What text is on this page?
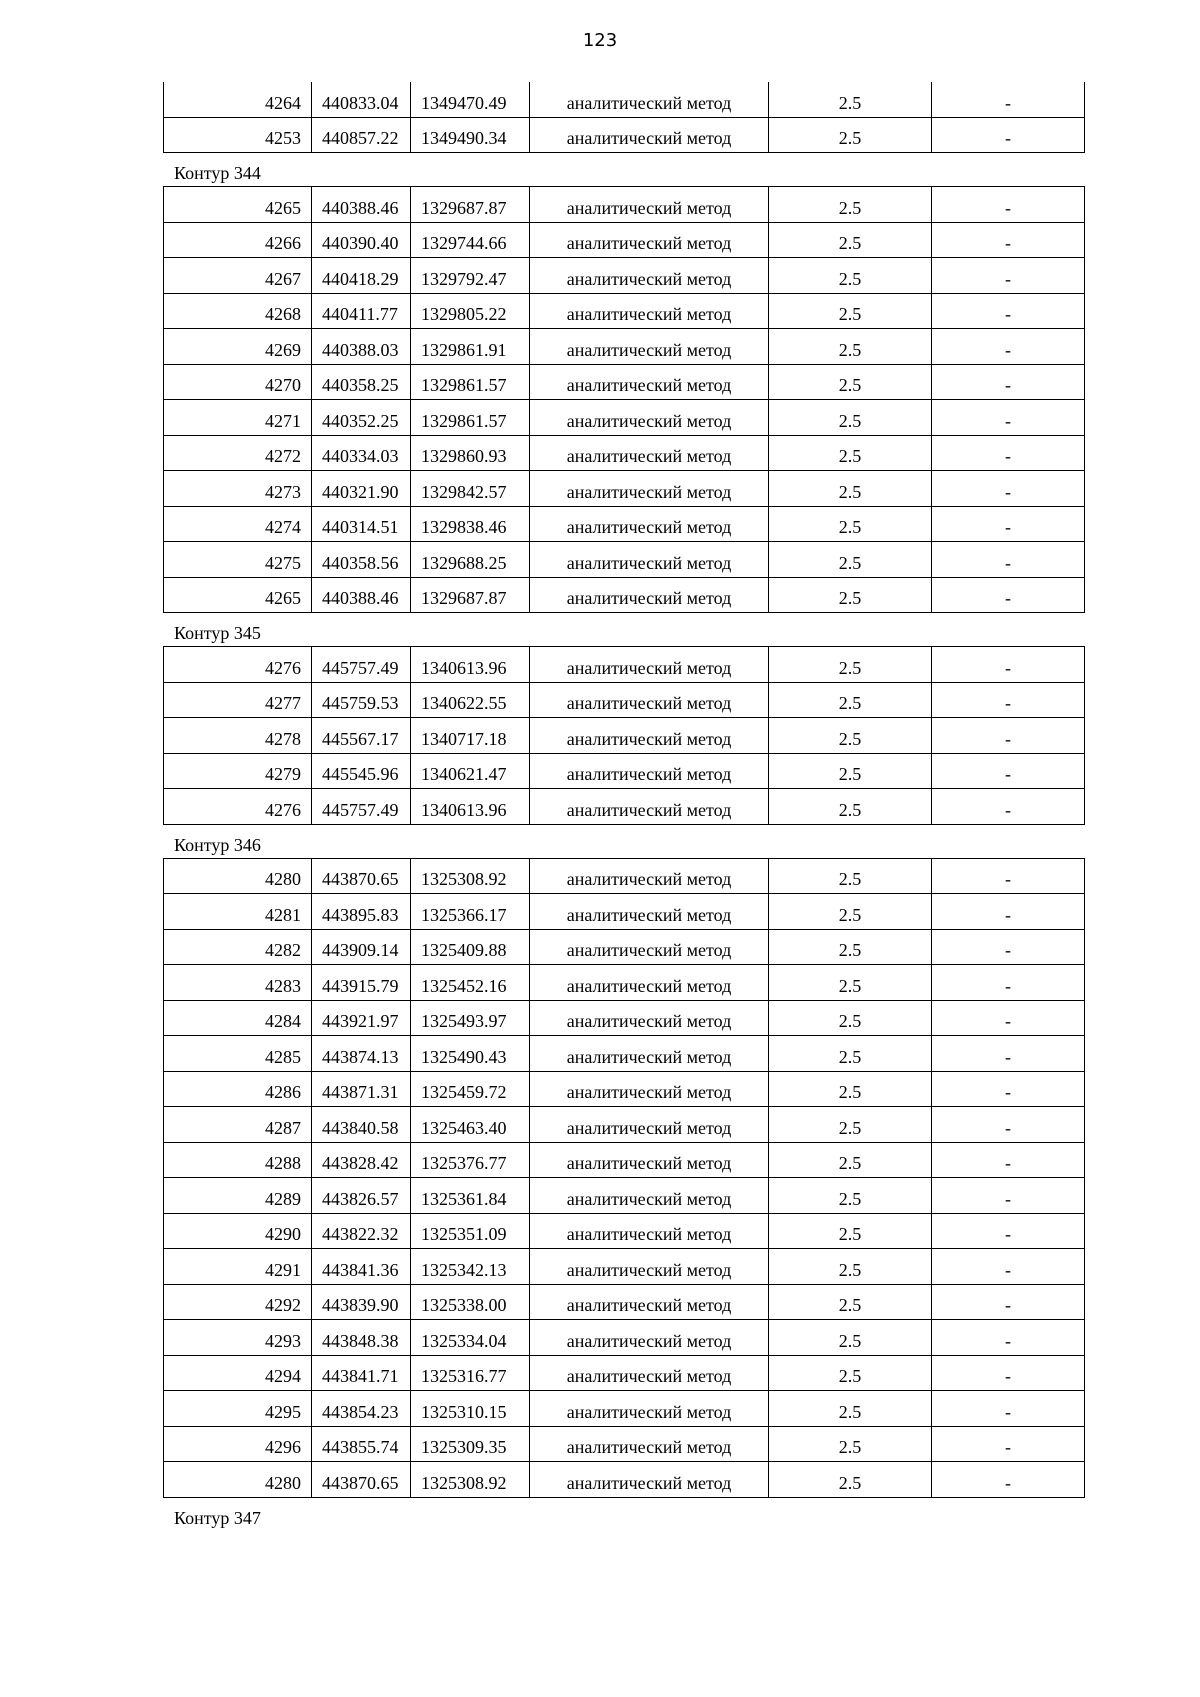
123
4264	440833.04	1349470.49	аналитический метод	2.5	-
4253	440857.22	1349490.34	аналитический метод	2.5	-
Контур 344
4265	440388.46	1329687.87	аналитический метод	2.5	-
4266	440390.40	1329744.66	аналитический метод	2.5	-
4267	440418.29	1329792.47	аналитический метод	2.5	-
4268	440411.77	1329805.22	аналитический метод	2.5	-
4269	440388.03	1329861.91	аналитический метод	2.5	-
4270	440358.25	1329861.57	аналитический метод	2.5	-
4271	440352.25	1329861.57	аналитический метод	2.5	-
4272	440334.03	1329860.93	аналитический метод	2.5	-
4273	440321.90	1329842.57	аналитический метод	2.5	-
4274	440314.51	1329838.46	аналитический метод	2.5	-
4275	440358.56	1329688.25	аналитический метод	2.5	-
4265	440388.46	1329687.87	аналитический метод	2.5	-
Контур 345
4276	445757.49	1340613.96	аналитический метод	2.5	-
4277	445759.53	1340622.55	аналитический метод	2.5	-
4278	445567.17	1340717.18	аналитический метод	2.5	-
4279	445545.96	1340621.47	аналитический метод	2.5	-
4276	445757.49	1340613.96	аналитический метод	2.5	-
Контур 346
4280	443870.65	1325308.92	аналитический метод	2.5	-
4281	443895.83	1325366.17	аналитический метод	2.5	-
4282	443909.14	1325409.88	аналитический метод	2.5	-
4283	443915.79	1325452.16	аналитический метод	2.5	-
4284	443921.97	1325493.97	аналитический метод	2.5	-
4285	443874.13	1325490.43	аналитический метод	2.5	-
4286	443871.31	1325459.72	аналитический метод	2.5	-
4287	443840.58	1325463.40	аналитический метод	2.5	-
4288	443828.42	1325376.77	аналитический метод	2.5	-
4289	443826.57	1325361.84	аналитический метод	2.5	-
4290	443822.32	1325351.09	аналитический метод	2.5	-
4291	443841.36	1325342.13	аналитический метод	2.5	-
4292	443839.90	1325338.00	аналитический метод	2.5	-
4293	443848.38	1325334.04	аналитический метод	2.5	-
4294	443841.71	1325316.77	аналитический метод	2.5	-
4295	443854.23	1325310.15	аналитический метод	2.5	-
4296	443855.74	1325309.35	аналитический метод	2.5	-
4280	443870.65	1325308.92	аналитический метод	2.5	-
Контур 347
